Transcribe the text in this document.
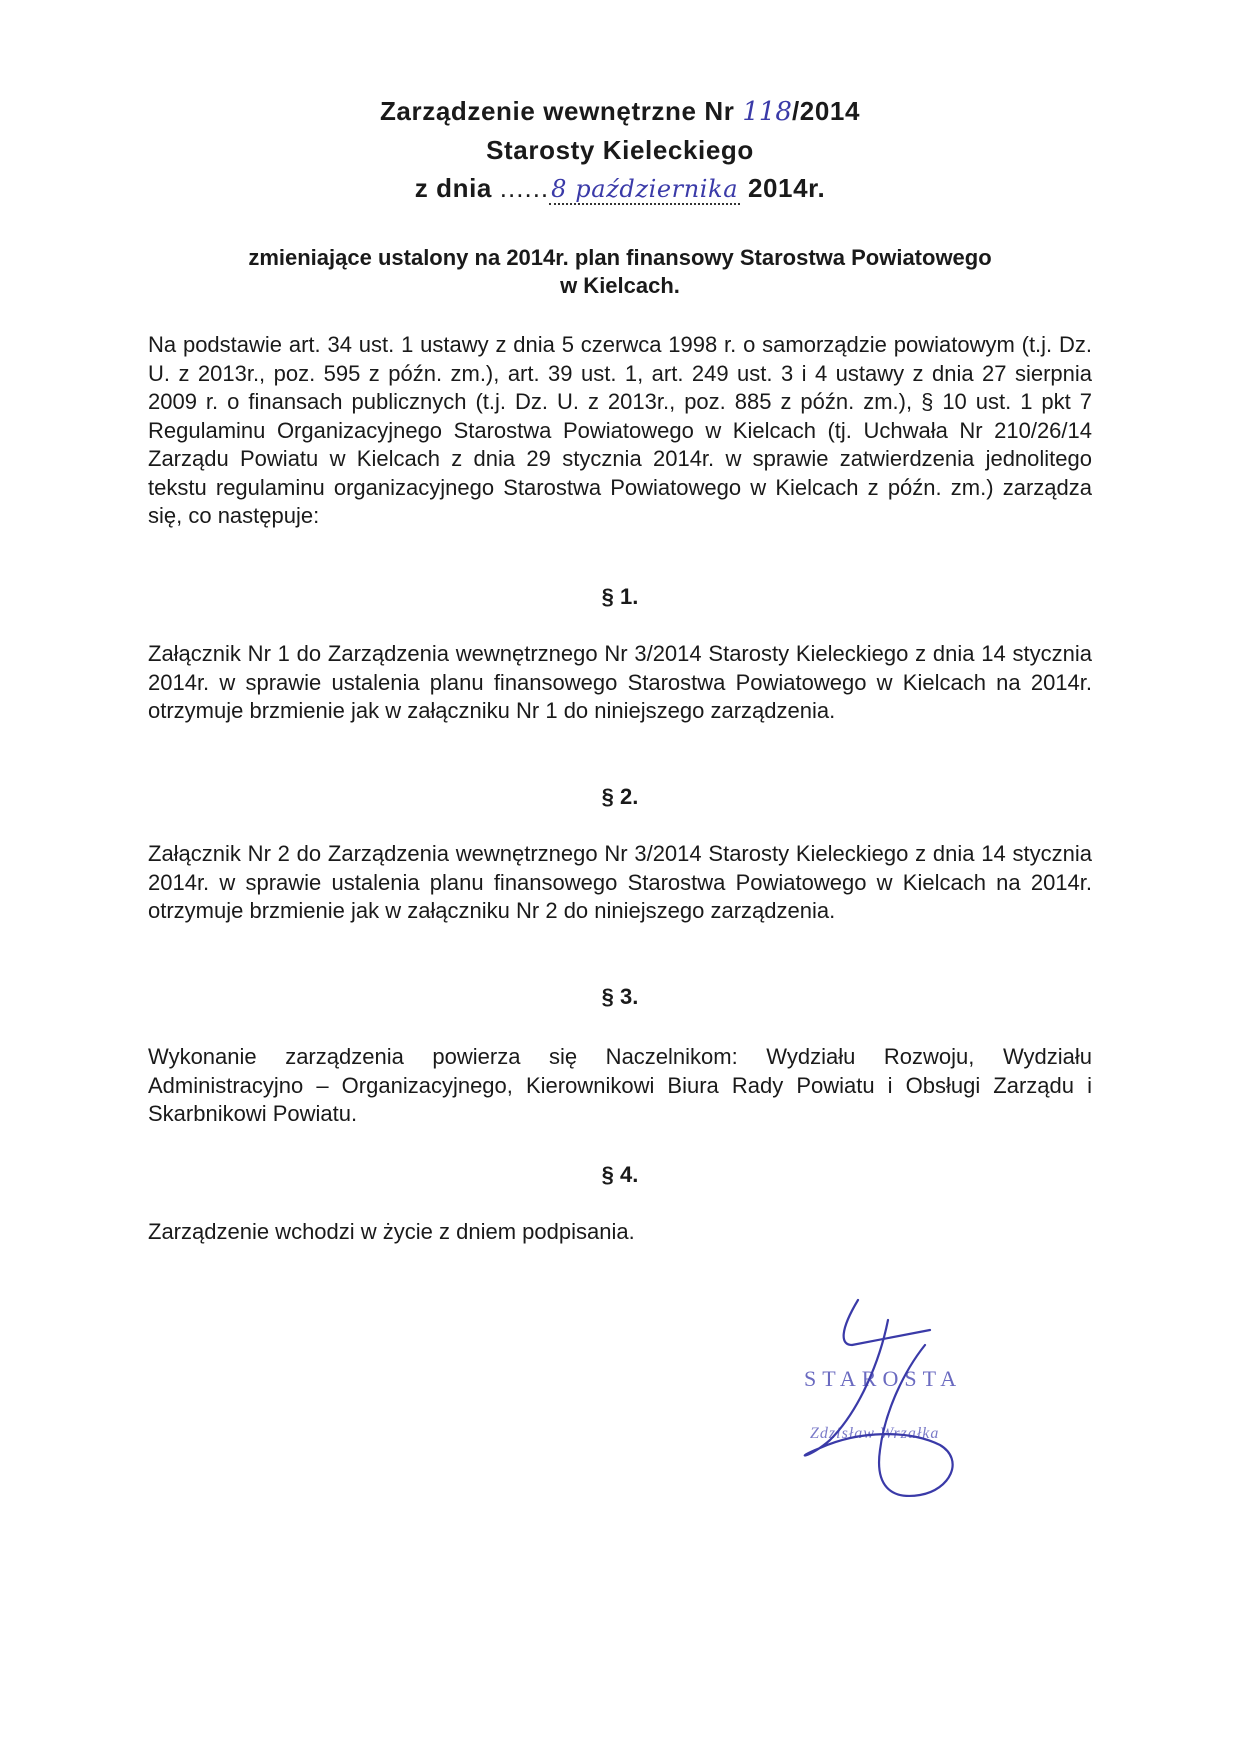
Zarządzenie wewnętrzne Nr 118/2014
Starosty Kieleckiego
z dnia ......8 października 2014r.
zmieniające ustalony na 2014r. plan finansowy Starostwa Powiatowego
w Kielcach.
Na podstawie art. 34 ust. 1 ustawy z dnia 5 czerwca 1998 r. o samorządzie powiatowym (t.j. Dz. U. z 2013r., poz. 595 z późn. zm.), art. 39 ust. 1, art. 249 ust. 3 i 4 ustawy z dnia 27 sierpnia 2009 r. o finansach publicznych (t.j. Dz. U. z 2013r., poz. 885 z późn. zm.), § 10 ust. 1 pkt 7 Regulaminu Organizacyjnego Starostwa Powiatowego w Kielcach (tj. Uchwała Nr 210/26/14 Zarządu Powiatu w Kielcach z dnia 29 stycznia 2014r. w sprawie zatwierdzenia jednolitego tekstu regulaminu organizacyjnego Starostwa Powiatowego w Kielcach z późn. zm.) zarządza się, co następuje:
§ 1.
Załącznik Nr 1 do Zarządzenia wewnętrznego Nr 3/2014 Starosty Kieleckiego z dnia 14 stycznia 2014r. w sprawie ustalenia planu finansowego Starostwa Powiatowego w Kielcach na 2014r. otrzymuje brzmienie jak w załączniku Nr 1 do niniejszego zarządzenia.
§ 2.
Załącznik Nr 2 do Zarządzenia wewnętrznego Nr 3/2014 Starosty Kieleckiego z dnia 14 stycznia 2014r. w sprawie ustalenia planu finansowego Starostwa Powiatowego w Kielcach na 2014r. otrzymuje brzmienie jak w załączniku Nr 2 do niniejszego zarządzenia.
§ 3.
Wykonanie zarządzenia powierza się Naczelnikom: Wydziału Rozwoju, Wydziału Administracyjno – Organizacyjnego, Kierownikowi Biura Rady Powiatu i Obsługi Zarządu i Skarbnikowi Powiatu.
§ 4.
Zarządzenie wchodzi w życie z dniem podpisania.
STAROSTA
Zdzisław Wrzałka
